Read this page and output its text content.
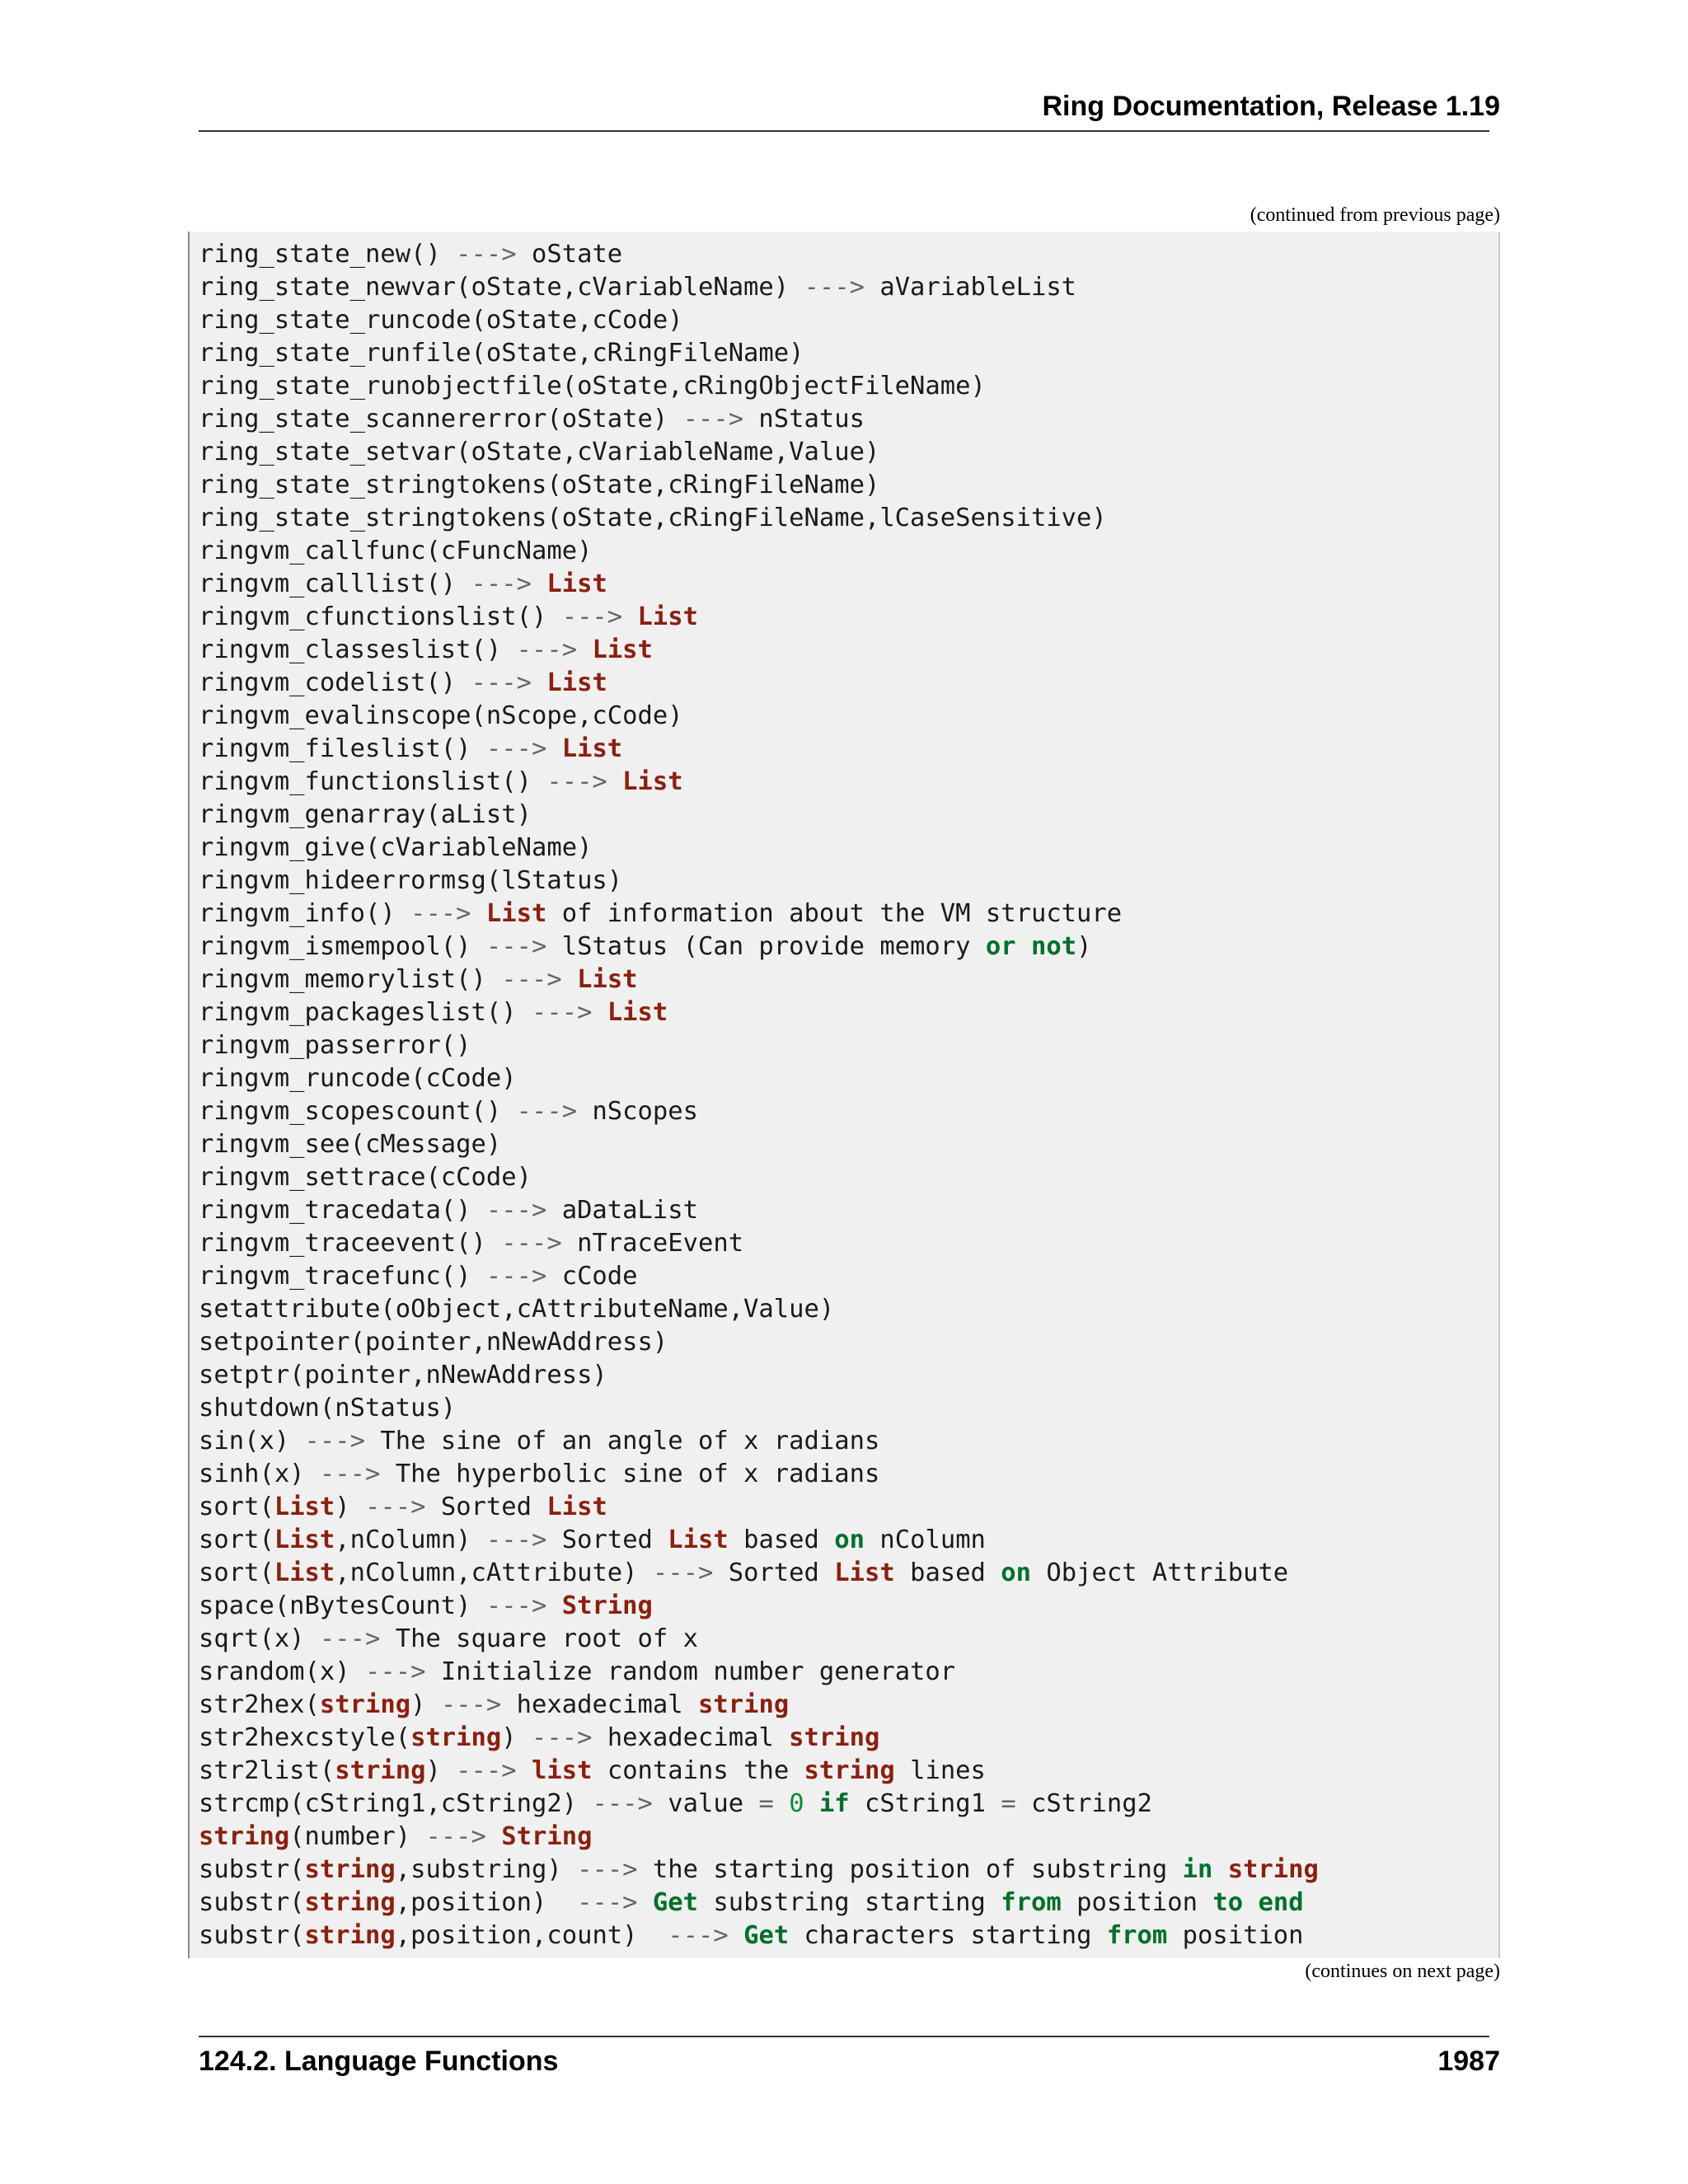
Ring Documentation, Release 1.19
(continued from previous page)
ring_state_new() ---> oState
ring_state_newvar(oState,cVariableName) ---> aVariableList
ring_state_runcode(oState,cCode)
ring_state_runfile(oState,cRingFileName)
ring_state_runobjectfile(oState,cRingObjectFileName)
ring_state_scannererror(oState) ---> nStatus
ring_state_setvar(oState,cVariableName,Value)
ring_state_stringtokens(oState,cRingFileName)
ring_state_stringtokens(oState,cRingFileName,lCaseSensitive)
ringvm_callfunc(cFuncName)
ringvm_calllist() ---> List
ringvm_cfunctionslist() ---> List
ringvm_classeslist() ---> List
ringvm_codelist() ---> List
ringvm_evalinscope(nScope,cCode)
ringvm_fileslist() ---> List
ringvm_functionslist() ---> List
ringvm_genarray(aList)
ringvm_give(cVariableName)
ringvm_hideerrormsg(lStatus)
ringvm_info() ---> List of information about the VM structure
ringvm_ismempool() ---> lStatus (Can provide memory or not)
ringvm_memorylist() ---> List
ringvm_packageslist() ---> List
ringvm_passerror()
ringvm_runcode(cCode)
ringvm_scopescount() ---> nScopes
ringvm_see(cMessage)
ringvm_settrace(cCode)
ringvm_tracedata() ---> aDataList
ringvm_traceevent() ---> nTraceEvent
ringvm_tracefunc() ---> cCode
setattribute(oObject,cAttributeName,Value)
setpointer(pointer,nNewAddress)
setptr(pointer,nNewAddress)
shutdown(nStatus)
sin(x) ---> The sine of an angle of x radians
sinh(x) ---> The hyperbolic sine of x radians
sort(List) ---> Sorted List
sort(List,nColumn) ---> Sorted List based on nColumn
sort(List,nColumn,cAttribute) ---> Sorted List based on Object Attribute
space(nBytesCount) ---> String
sqrt(x) ---> The square root of x
srandom(x) ---> Initialize random number generator
str2hex(string) ---> hexadecimal string
str2hexcstyle(string) ---> hexadecimal string
str2list(string) ---> list contains the string lines
strcmp(cString1,cString2) ---> value = 0 if cString1 = cString2
string(number) ---> String
substr(string,substring) ---> the starting position of substring in string
substr(string,position)  ---> Get substring starting from position to end
substr(string,position,count)  ---> Get characters starting from position
(continues on next page)
124.2. Language Functions	1987
